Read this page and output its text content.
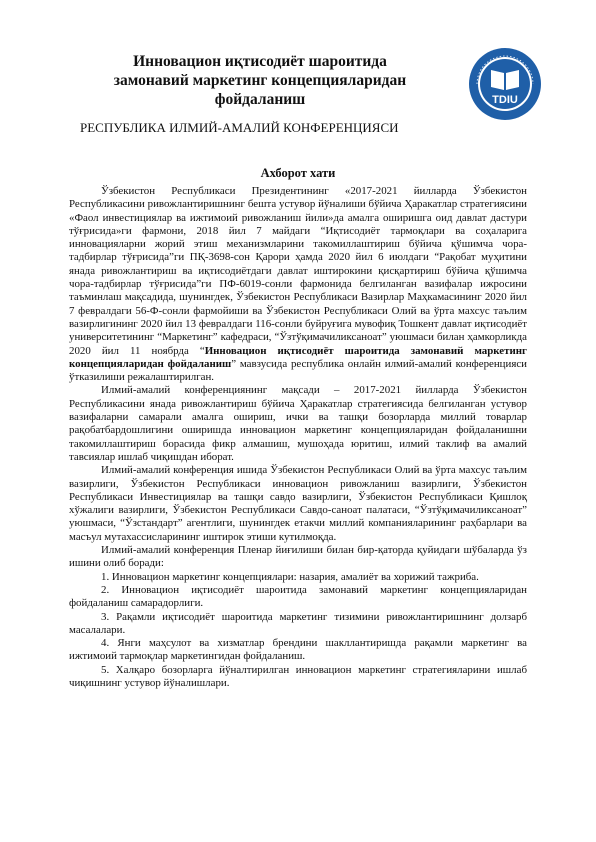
Инновацион иқтисодиёт шароитида
замонавий маркетинг концепцияларидан
фойдаланиш
РЕСПУБЛИКА ИЛМИЙ-АМАЛИЙ КОНФЕРЕНЦИЯСИ
TDIU
Ахборот хати

Ўзбекистон Республикаси Президентининг «2017-2021 йилларда Ўзбекистон Республикасини ривожлантиришнинг бешта устувор йўналиши бўйича Ҳаракатлар стратегиясини «Фаол инвестициялар ва ижтимоий ривожланиш йили»да амалга оширишга оид давлат дастури тўғрисида»ги фармони, 2018 йил 7 майдаги “Иқтисодиёт тармоқлари ва соҳаларига инновацияларни жорий этиш механизмларини такомиллаштириш бўйича қўшимча чора-тадбирлар тўғрисида”ги ПҚ-3698-сон Қарори ҳамда 2020 йил 6 июлдаги “Рақобат муҳитини янада ривожлантириш ва иқтисодиётдаги давлат иштирокини қисқартириш бўйича қўшимча чора-тадбирлар тўғрисида”ги ПФ-6019-сонли фармонида белгиланган вазифалар ижросини таъминлаш мақсадида, шунингдек, Ўзбекистон Республикаси Вазирлар Маҳкамасининг 2020 йил 7 февралдаги 56-Ф-сонли фармойиши ва Ўзбекистон Республикаси Олий ва ўрта махсус таълим вазирлигининг 2020 йил 13 февралдаги 116-сонли буйруғига мувофиқ Тошкент давлат иқтисодиёт университетининг “Маркетинг” кафедраси, “Ўзтўқимачиликсаноат” уюшмаси билан ҳамкорликда 2020 йил 11 ноябрда “Инновацион иқтисодиёт шароитида замонавий маркетинг концепцияларидан фойдаланиш” мавзусида республика онлайн илмий-амалий конференцияси ўтказилиши режалаштирилган.

Илмий-амалий конференциянинг мақсади – 2017-2021 йилларда Ўзбекистон Республикасини янада ривожлантириш бўйича Ҳаракатлар стратегиясида белгиланган устувор вазифаларни самарали амалга ошириш, ички ва ташқи бозорларда миллий товарлар рақобатбардошлигини оширишда инновацион маркетинг концепцияларидан фойдаланишни такомиллаштириш борасида фикр алмашиш, мушоҳада юритиш, илмий таклиф ва амалий тавсиялар ишлаб чиқишдан иборат.

Илмий-амалий конференция ишида Ўзбекистон Республикаси Олий ва ўрта махсус таълим вазирлиги, Ўзбекистон Республикаси инновацион ривожланиш вазирлиги, Ўзбекистон Республикаси Инвестициялар ва ташқи савдо вазирлиги, Ўзбекистон Республикаси Қишлоқ хўжалиги вазирлиги, Ўзбекистон Республикаси Савдо-саноат палатаси, “Ўзтўқимачиликсаноат” уюшмаси, “Ўзстандарт” агентлиги, шунингдек етакчи миллий компанияларининг раҳбарлари ва масъул мутахассисларининг иштирок этиши кутилмоқда.

Илмий-амалий конференция Пленар йиғилиши билан бир-қаторда қуйидаги шўбаларда ўз ишини олиб боради:

1. Инновацион маркетинг концепциялари: назария, амалиёт ва хорижий тажриба.
2. Инновацион иқтисодиёт шароитида замонавий маркетинг концепцияларидан фойдаланиш самарадорлиги.
3. Рақамли иқтисодиёт шароитида маркетинг тизимини ривожлантиришнинг долзарб масалалари.
4. Янги маҳсулот ва хизматлар брендини шакллантиришда рақамли маркетинг ва ижтимоий тармоқлар маркетингидан фойдаланиш.
5. Халқаро бозорларга йўналтирилган инновацион маркетинг стратегияларини ишлаб чиқишнинг устувор йўналишлари.
